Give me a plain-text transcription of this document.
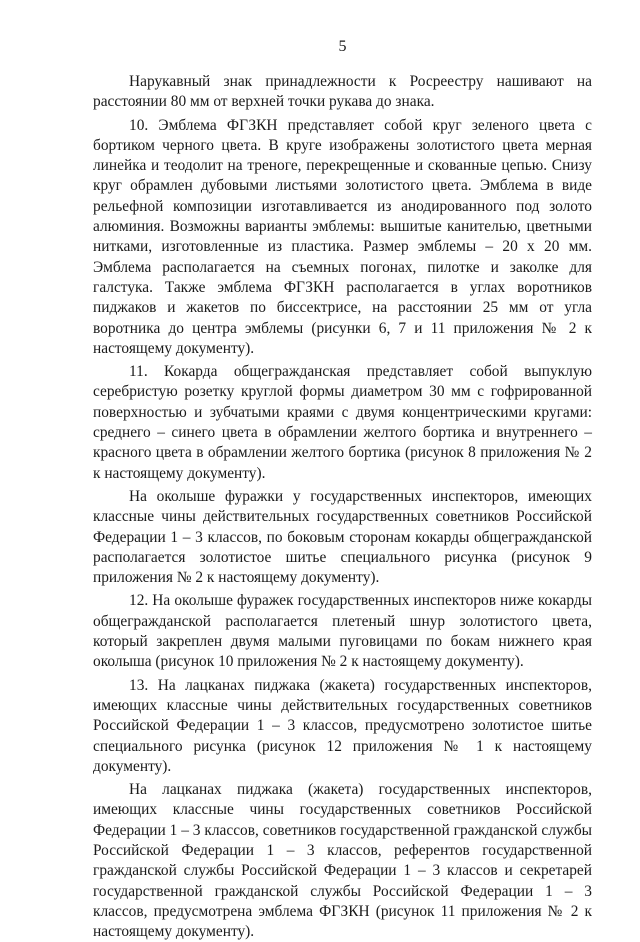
5

Нарукавный знак принадлежности к Росреестру нашивают на расстоянии 80 мм от верхней точки рукава до знака.

10. Эмблема ФГЗКН представляет собой круг зеленого цвета с бортиком черного цвета. В круге изображены золотистого цвета мерная линейка и теодолит на треноге, перекрещенные и скованные цепью. Снизу круг обрамлен дубовыми листьями золотистого цвета. Эмблема в виде рельефной композиции изготавливается из анодированного под золото алюминия. Возможны варианты эмблемы: вышитые канителью, цветными нитками, изготовленные из пластика. Размер эмблемы – 20 х 20 мм. Эмблема располагается на съемных погонах, пилотке и заколке для галстука. Также эмблема ФГЗКН располагается в углах воротников пиджаков и жакетов по биссектрисе, на расстоянии 25 мм от угла воротника до центра эмблемы (рисунки 6, 7 и 11 приложения № 2 к настоящему документу).

11. Кокарда общегражданская представляет собой выпуклую серебристую розетку круглой формы диаметром 30 мм с гофрированной поверхностью и зубчатыми краями с двумя концентрическими кругами: среднего – синего цвета в обрамлении желтого бортика и внутреннего – красного цвета в обрамлении желтого бортика (рисунок 8 приложения № 2 к настоящему документу).

На околыше фуражки у государственных инспекторов, имеющих классные чины действительных государственных советников Российской Федерации 1 – 3 классов, по боковым сторонам кокарды общегражданской располагается золотистое шитье специального рисунка (рисунок 9 приложения № 2 к настоящему документу).

12. На околыше фуражек государственных инспекторов ниже кокарды общегражданской располагается плетеный шнур золотистого цвета, который закреплен двумя малыми пуговицами по бокам нижнего края околыша (рисунок 10 приложения № 2 к настоящему документу).

13. На лацканах пиджака (жакета) государственных инспекторов, имеющих классные чины действительных государственных советников Российской Федерации 1 – 3 классов, предусмотрено золотистое шитье специального рисунка (рисунок 12 приложения № 1 к настоящему документу).

На лацканах пиджака (жакета) государственных инспекторов, имеющих классные чины государственных советников Российской Федерации 1 – 3 классов, советников государственной гражданской службы Российской Федерации 1 – 3 классов, референтов государственной гражданской службы Российской Федерации 1 – 3 классов и секретарей государственной гражданской службы Российской Федерации 1 – 3 классов, предусмотрена эмблема ФГЗКН (рисунок 11 приложения № 2 к настоящему документу).
